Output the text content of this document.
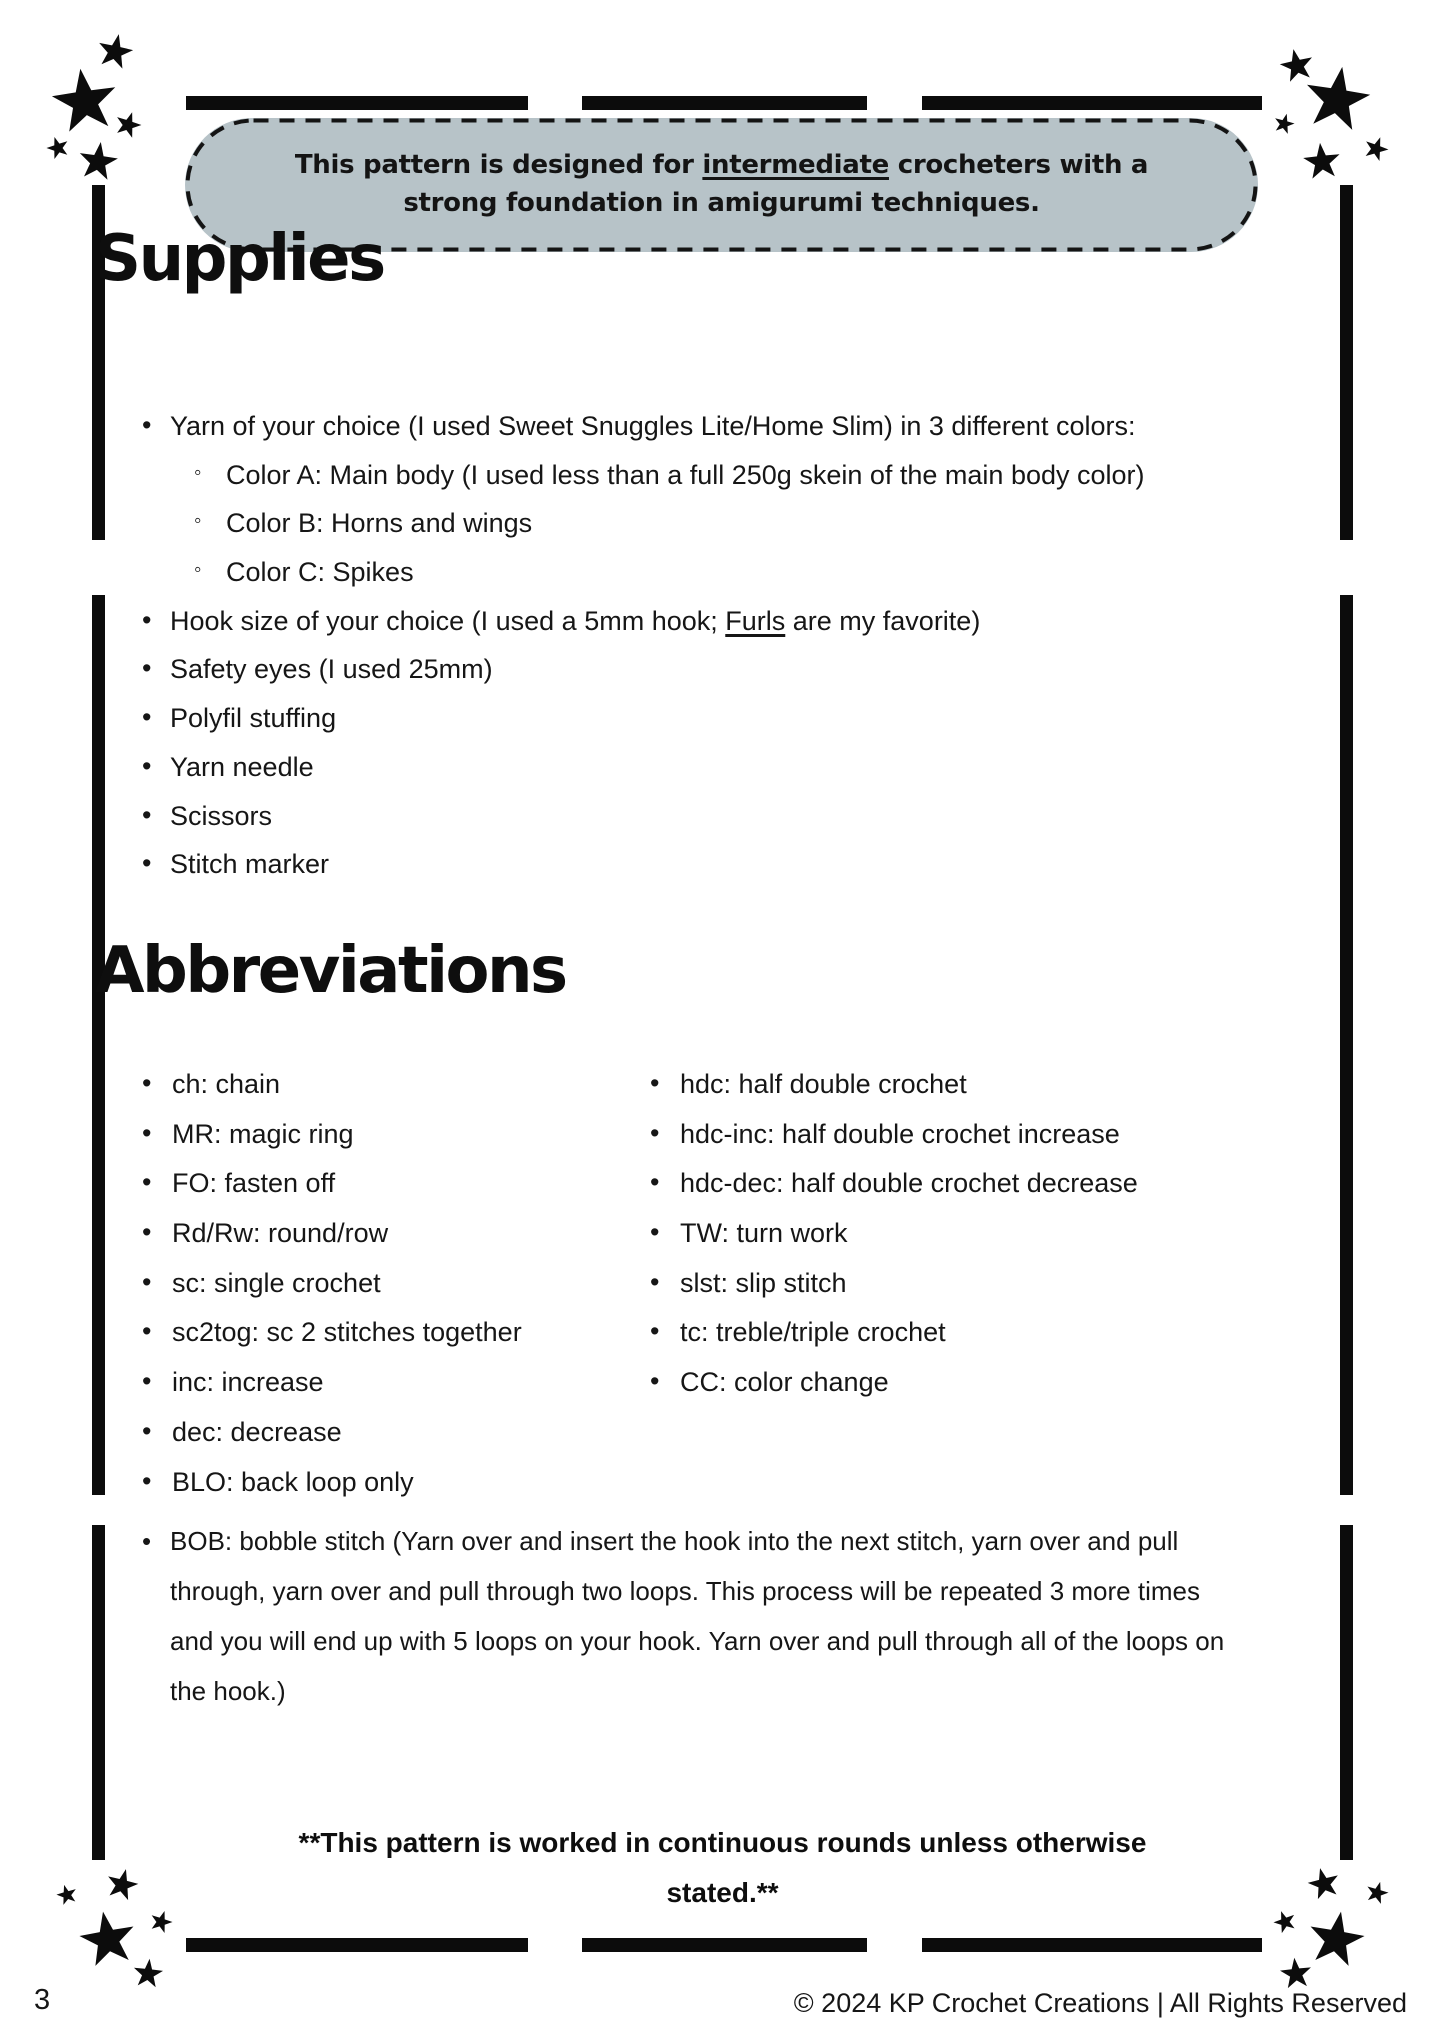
This pattern is designed for intermediate crocheters with a strong foundation in amigurumi techniques.
Supplies
• Yarn of your choice (I used Sweet Snuggles Lite/Home Slim) in 3 different colors:
◦ Color A: Main body (I used less than a full 250g skein of the main body color)
◦ Color B: Horns and wings
◦ Color C: Spikes
• Hook size of your choice (I used a 5mm hook; Furls are my favorite)
• Safety eyes (I used 25mm)
• Polyfil stuffing
• Yarn needle
• Scissors
• Stitch marker
Abbreviations
• ch: chain
• MR: magic ring
• FO: fasten off
• Rd/Rw: round/row
• sc: single crochet
• sc2tog: sc 2 stitches together
• inc: increase
• dec: decrease
• BLO: back loop only
• hdc: half double crochet
• hdc-inc: half double crochet increase
• hdc-dec: half double crochet decrease
• TW: turn work
• slst: slip stitch
• tc: treble/triple crochet
• CC: color change
• BOB: bobble stitch (Yarn over and insert the hook into the next stitch, yarn over and pull through, yarn over and pull through two loops. This process will be repeated 3 more times and you will end up with 5 loops on your hook. Yarn over and pull through all of the loops on the hook.)
**This pattern is worked in continuous rounds unless otherwise stated.**
3	© 2024 KP Crochet Creations | All Rights Reserved
